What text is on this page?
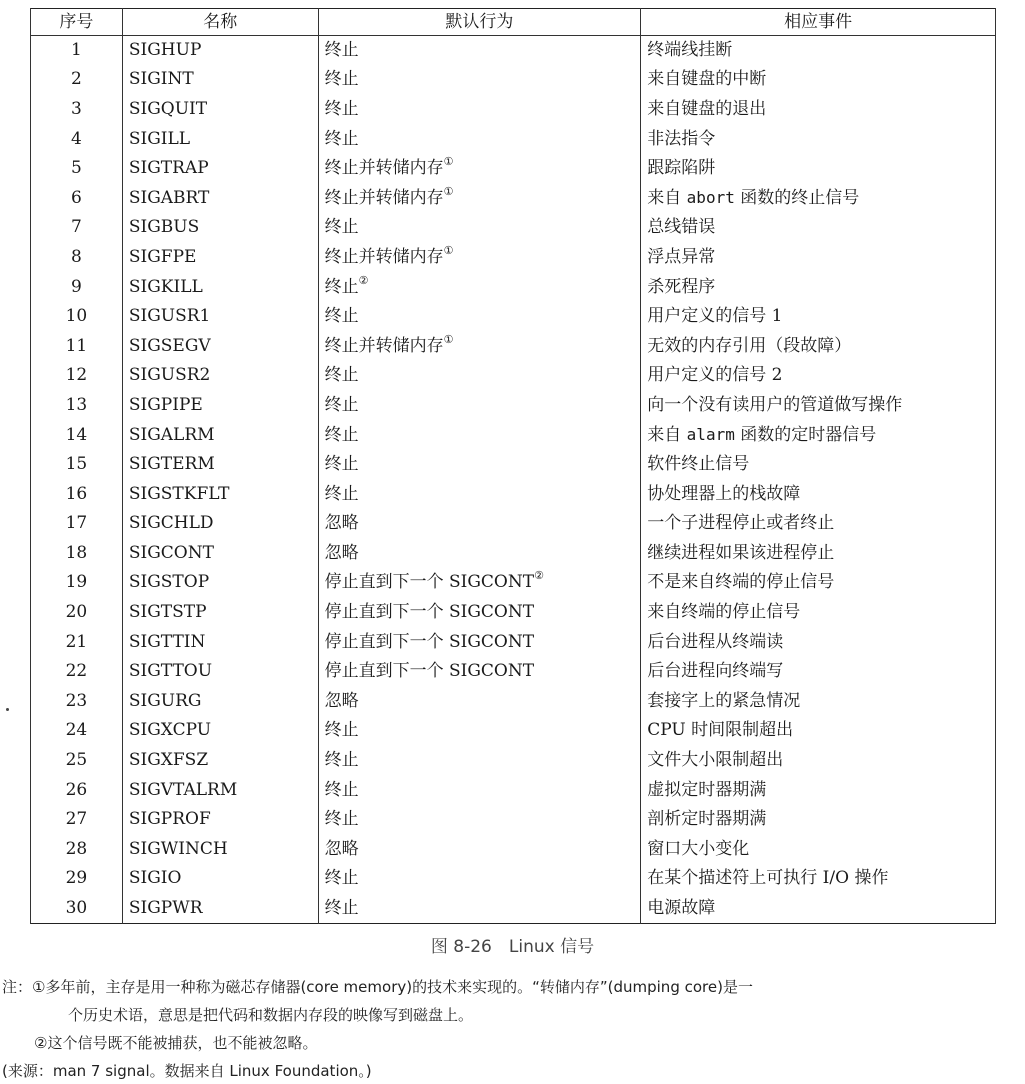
序号	名称	默认行为	相应事件
1	SIGHUP	终止	终端线挂断
2	SIGINT	终止	来自键盘的中断
3	SIGQUIT	终止	来自键盘的退出
4	SIGILL	终止	非法指令
5	SIGTRAP	终止并转储内存①	跟踪陷阱
6	SIGABRT	终止并转储内存①	来自 abort 函数的终止信号
7	SIGBUS	终止	总线错误
8	SIGFPE	终止并转储内存①	浮点异常
9	SIGKILL	终止②	杀死程序
10	SIGUSR1	终止	用户定义的信号 1
11	SIGSEGV	终止并转储内存①	无效的内存引用（段故障）
12	SIGUSR2	终止	用户定义的信号 2
13	SIGPIPE	终止	向一个没有读用户的管道做写操作
14	SIGALRM	终止	来自 alarm 函数的定时器信号
15	SIGTERM	终止	软件终止信号
16	SIGSTKFLT	终止	协处理器上的栈故障
17	SIGCHLD	忽略	一个子进程停止或者终止
18	SIGCONT	忽略	继续进程如果该进程停止
19	SIGSTOP	停止直到下一个 SIGCONT②	不是来自终端的停止信号
20	SIGTSTP	停止直到下一个 SIGCONT	来自终端的停止信号
21	SIGTTIN	停止直到下一个 SIGCONT	后台进程从终端读
22	SIGTTOU	停止直到下一个 SIGCONT	后台进程向终端写
23	SIGURG	忽略	套接字上的紧急情况
24	SIGXCPU	终止	CPU 时间限制超出
25	SIGXFSZ	终止	文件大小限制超出
26	SIGVTALRM	终止	虚拟定时器期满
27	SIGPROF	终止	剖析定时器期满
28	SIGWINCH	忽略	窗口大小变化
29	SIGIO	终止	在某个描述符上可执行 I/O 操作
30	SIGPWR	终止	电源故障
图 8-26　Linux 信号
注：①多年前，主存是用一种称为磁芯存储器(core memory)的技术来实现的。“转储内存”(dumping core)是一
个历史术语，意思是把代码和数据内存段的映像写到磁盘上。
②这个信号既不能被捕获，也不能被忽略。
(来源：man 7 signal。数据来自 Linux Foundation。)
